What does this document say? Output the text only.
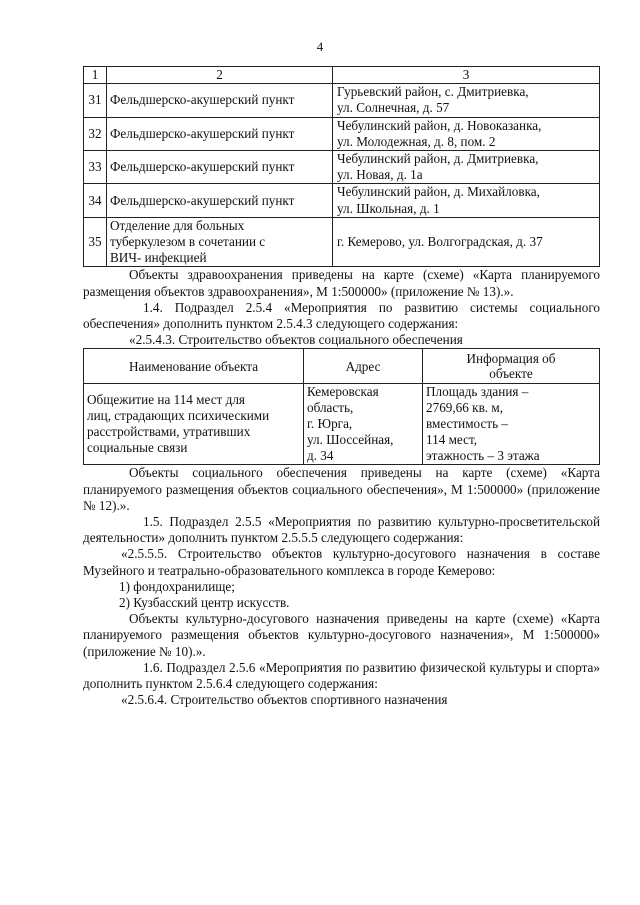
4
1	2	3
31	Фельдшерско-акушерский пункт	Гурьевский район, с. Дмитриевка,
ул. Солнечная, д. 57
32	Фельдшерско-акушерский пункт	Чебулинский район, д. Новоказанка,
ул. Молодежная, д. 8, пом. 2
33	Фельдшерско-акушерский пункт	Чебулинский район, д. Дмитриевка,
ул. Новая, д. 1а
34	Фельдшерско-акушерский пункт	Чебулинский район, д. Михайловка,
ул. Школьная, д. 1
35	Отделение для больных
туберкулезом в сочетании с
ВИЧ- инфекцией	г. Кемерово, ул. Волгоградская, д. 37

Объекты здравоохранения приведены на карте (схеме) «Карта планируемого размещения объектов здравоохранения», М 1:500000» (приложение № 13).».

1.4. Подраздел 2.5.4 «Мероприятия по развитию системы социального обеспечения» дополнить пунктом 2.5.4.3 следующего содержания:

«2.5.4.3. Строительство объектов социального обеспечения

Наименование объекта	Адрес	Информация об
объекте
Общежитие на 114 мест для
лиц, страдающих психическими
расстройствами, утративших
социальные связи	Кемеровская
область,
г. Юрга,
ул. Шоссейная,
д. 34	Площадь здания –
2769,66 кв. м,
вместимость –
114 мест,
этажность – 3 этажа

Объекты социального обеспечения приведены на карте (схеме) «Карта планируемого размещения объектов социального обеспечения», М 1:500000» (приложение № 12).».

1.5. Подраздел 2.5.5 «Мероприятия по развитию культурно-просветительской деятельности» дополнить пунктом 2.5.5.5 следующего содержания:

«2.5.5.5. Строительство объектов культурно-досугового назначения в составе Музейного и театрально-образовательного комплекса в городе Кемерово:

1) фондохранилище;
2) Кузбасский центр искусств.

Объекты культурно-досугового назначения приведены на карте (схеме) «Карта планируемого размещения объектов культурно-досугового назначения», М 1:500000» (приложение № 10).».

1.6. Подраздел 2.5.6 «Мероприятия по развитию физической культуры и спорта» дополнить пунктом 2.5.6.4 следующего содержания:

«2.5.6.4. Строительство объектов спортивного назначения
